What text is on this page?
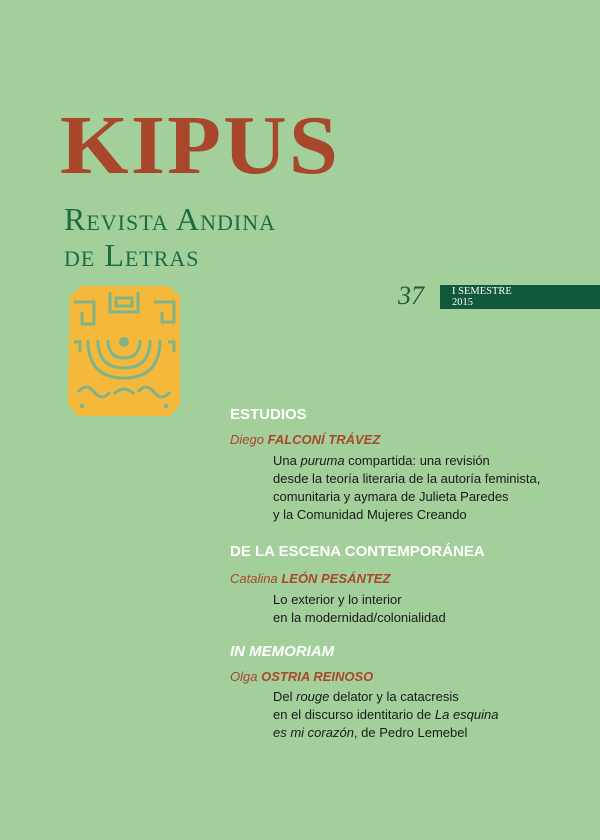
KIPUS
Revista Andina
de Letras
37	I SEMESTRE
2015
ESTUDIOS
Diego FALCONÍ TRÁVEZ
Una puruma compartida: una revisión
desde la teoría literaria de la autoría feminista,
comunitaria y aymara de Julieta Paredes
y la Comunidad Mujeres Creando
DE LA ESCENA CONTEMPORÁNEA
Catalina LEÓN PESÁNTEZ
Lo exterior y lo interior
en la modernidad/colonialidad
IN MEMORIAM
Olga OSTRIA REINOSO
Del rouge delator y la catacresis
en el discurso identitario de La esquina
es mi corazón, de Pedro Lemebel
